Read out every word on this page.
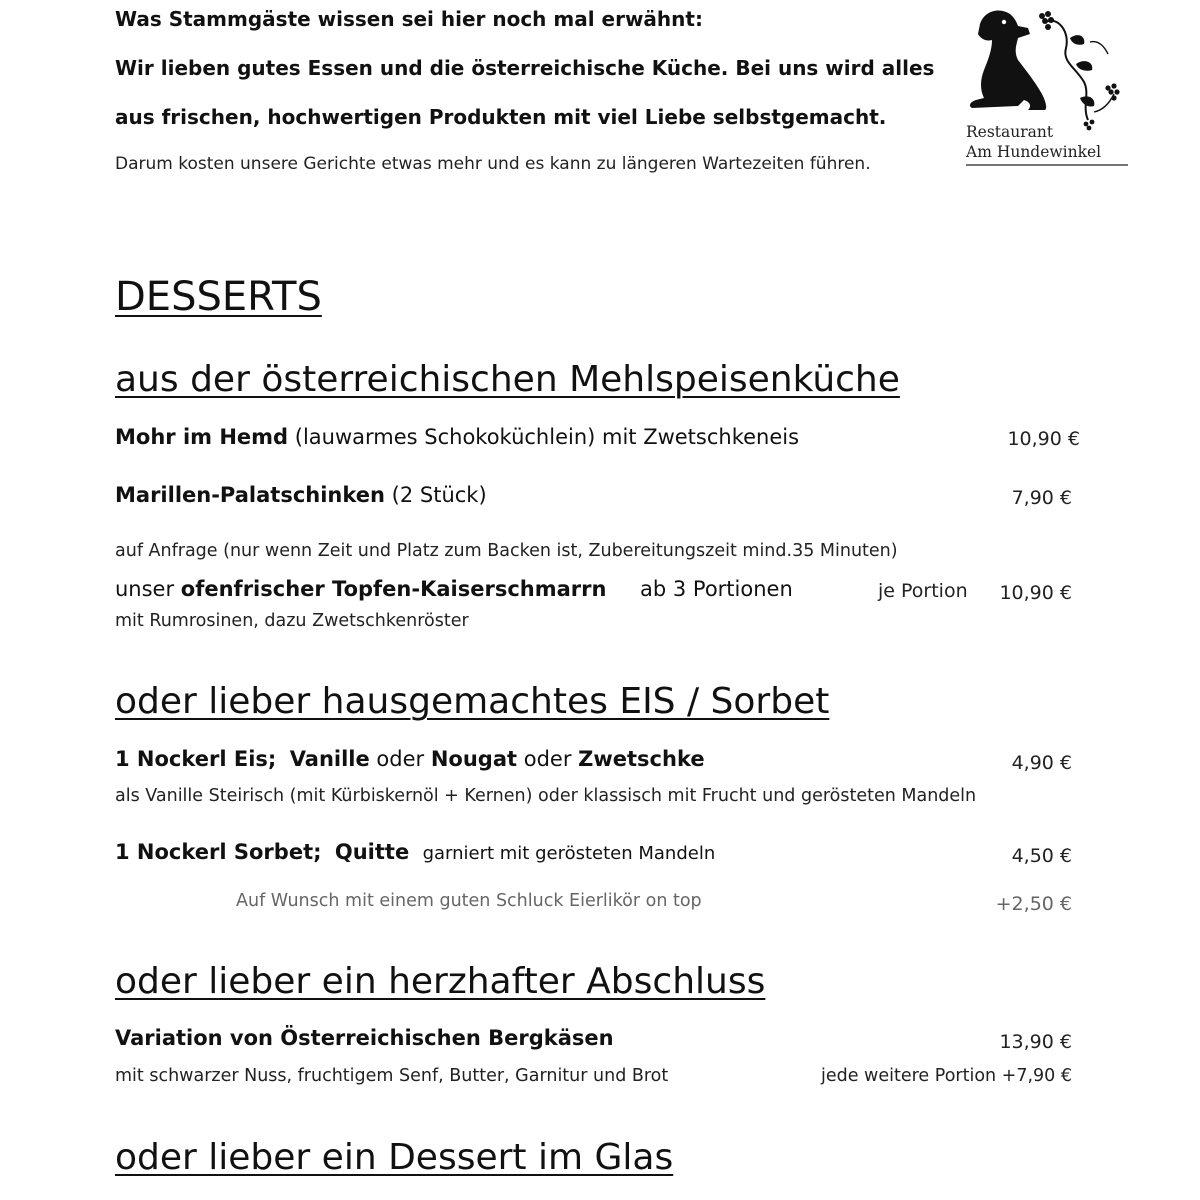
Was Stammgäste wissen sei hier noch mal erwähnt:
Wir lieben gutes Essen und die österreichische Küche. Bei uns wird alles
aus frischen, hochwertigen Produkten mit viel Liebe selbstgemacht.
Darum kosten unsere Gerichte etwas mehr und es kann zu längeren Wartezeiten führen.
Restaurant
Am Hundewinkel
DESSERTS
aus der österreichischen Mehlspeisenküche
Mohr im Hemd (lauwarmes Schokoküchlein) mit Zwetschkeneis	10,90 €
Marillen-Palatschinken (2 Stück)	7,90 €
auf Anfrage (nur wenn Zeit und Platz zum Backen ist, Zubereitungszeit mind.35 Minuten)
unser ofenfrischer Topfen-Kaiserschmarrn ab 3 Portionen	je Portion 10,90 €
mit Rumrosinen, dazu Zwetschkenröster
oder lieber hausgemachtes EIS / Sorbet
1 Nockerl Eis; Vanille oder Nougat oder Zwetschke	4,90 €
als Vanille Steirisch (mit Kürbiskernöl + Kernen) oder klassisch mit Frucht und gerösteten Mandeln
1 Nockerl Sorbet; Quitte garniert mit gerösteten Mandeln	4,50 €
Auf Wunsch mit einem guten Schluck Eierlikör on top	+2,50 €
oder lieber ein herzhafter Abschluss
Variation von Österreichischen Bergkäsen	13,90 €
mit schwarzer Nuss, fruchtigem Senf, Butter, Garnitur und Brot	jede weitere Portion +7,90 €
oder lieber ein Dessert im Glas
